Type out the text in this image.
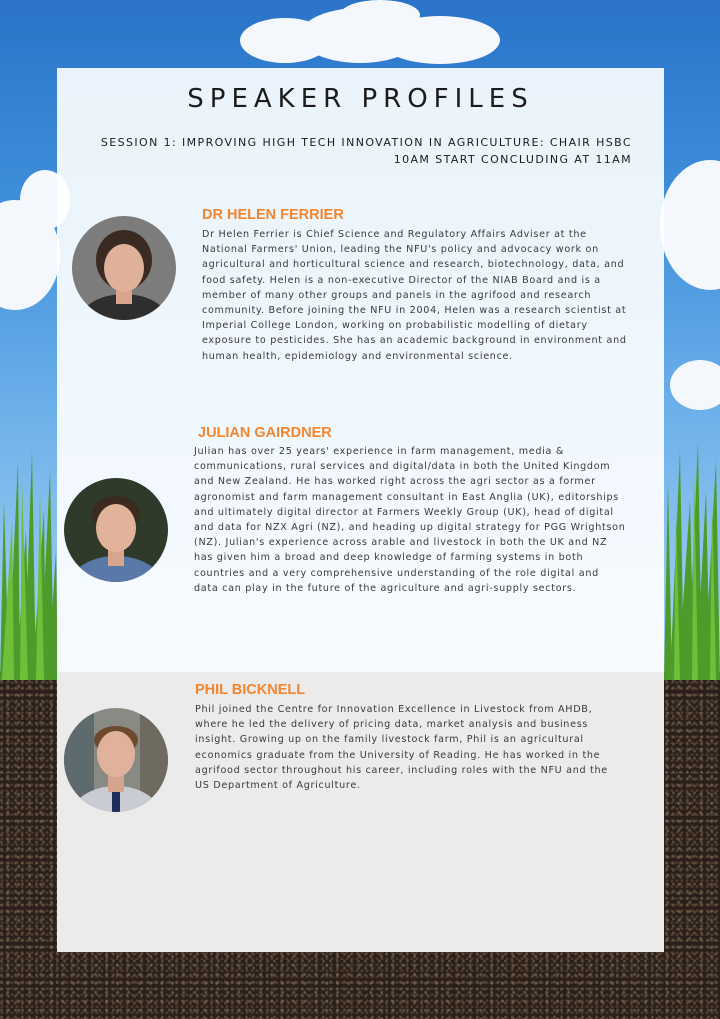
SPEAKER PROFILES
SESSION 1: IMPROVING HIGH TECH INNOVATION IN AGRICULTURE: CHAIR HSBC
10AM START CONCLUDING AT 11AM
DR HELEN FERRIER

Dr Helen Ferrier is Chief Science and Regulatory Affairs Adviser at the National Farmers' Union, leading the NFU's policy and advocacy work on agricultural and horticultural science and research, biotechnology, data, and food safety. Helen is a non-executive Director of the NIAB Board and is a member of many other groups and panels in the agrifood and research community. Before joining the NFU in 2004, Helen was a research scientist at Imperial College London, working on probabilistic modelling of dietary exposure to pesticides. She has an academic background in environment and human health, epidemiology and environmental science.

JULIAN GAIRDNER

Julian has over 25 years' experience in farm management, media & communications, rural services and digital/data in both the United Kingdom and New Zealand. He has worked right across the agri sector as a former agronomist and farm management consultant in East Anglia (UK), editorships and ultimately digital director at Farmers Weekly Group (UK), head of digital and data for NZX Agri (NZ), and heading up digital strategy for PGG Wrightson (NZ). Julian's experience across arable and livestock in both the UK and NZ has given him a broad and deep knowledge of farming systems in both countries and a very comprehensive understanding of the role digital and data can play in the future of the agriculture and agri-supply sectors.

PHIL BICKNELL

Phil joined the Centre for Innovation Excellence in Livestock from AHDB, where he led the delivery of pricing data, market analysis and business insight. Growing up on the family livestock farm, Phil is an agricultural economics graduate from the University of Reading. He has worked in the agrifood sector throughout his career, including roles with the NFU and the US Department of Agriculture.
